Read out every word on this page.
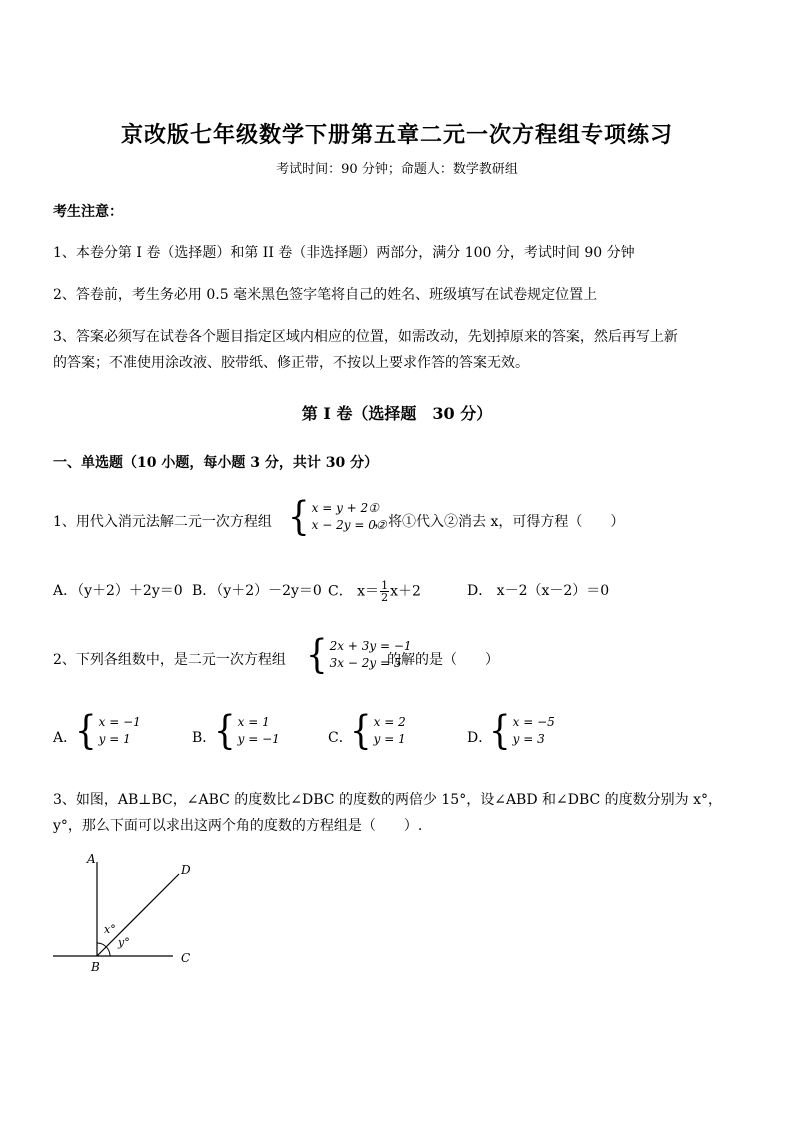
京改版七年级数学下册第五章二元一次方程组专项练习
考试时间：90 分钟；命题人：数学教研组
考生注意：
1、本卷分第 I 卷（选择题）和第 II 卷（非选择题）两部分，满分 100 分，考试时间 90 分钟
2、答卷前，考生务必用 0.5 毫米黑色签字笔将自己的姓名、班级填写在试卷规定位置上
3、答案必须写在试卷各个题目指定区域内相应的位置，如需改动，先划掉原来的答案，然后再写上新
的答案；不准使用涂改液、胶带纸、修正带，不按以上要求作答的答案无效。
第 I 卷（选择题　30 分）
一、单选题（10 小题，每小题 3 分，共计 30 分）
1、用代入消元法解二元一次方程组 { x = y + 2①
x − 2y = 0②
，将①代入②消去 x，可得方程（　　）
A．（y＋2）＋2y＝0 B．（y＋2）－2y＝0 C． $x= \frac{1}{2} x+2$	D． x－2（x－2）＝0
2、下列各组数中，是二元一次方程组 { 2x + 3y = −1
3x − 2y = 5
的解的是（　　）
A．
{ x = −1
y = 1	B．
{ x = 1
y = −1	C．
{ x = 2
y = 1	D．
{ x = −5
y = 3
3、如图，AB⊥BC，∠ABC 的度数比∠DBC 的度数的两倍少 15°，设∠ABD 和∠DBC 的度数分别为 x°，
y°，那么下面可以求出这两个角的度数的方程组是（　　）.
A
B
C
D
x°
y°
